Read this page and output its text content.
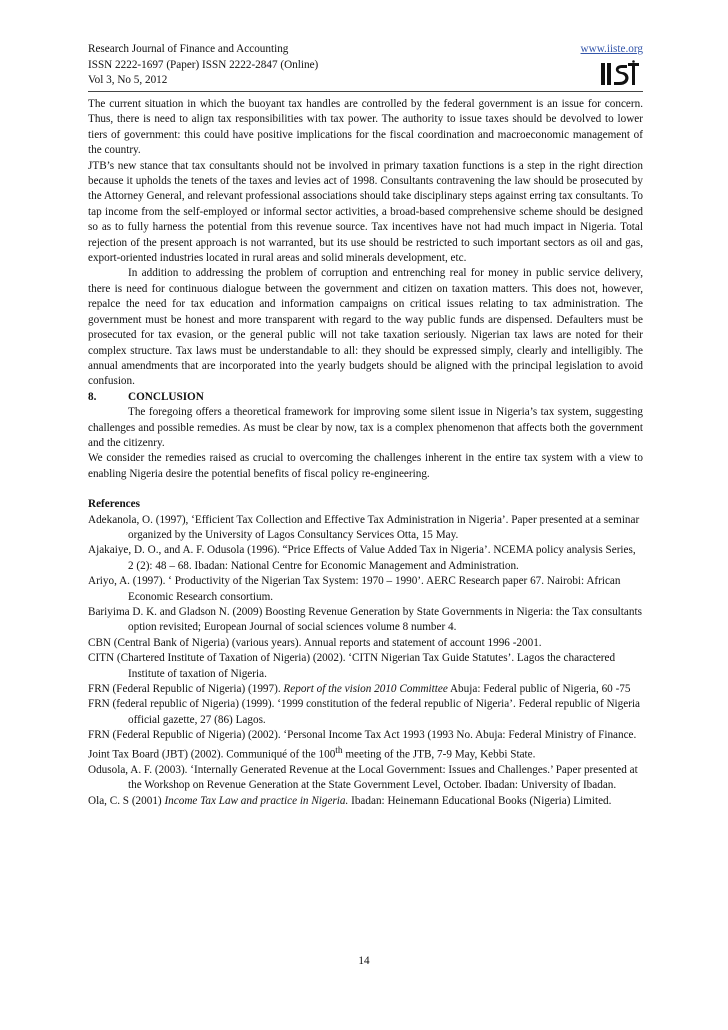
Research Journal of Finance and Accounting
ISSN 2222-1697 (Paper) ISSN 2222-2847 (Online)
Vol 3, No 5, 2012
www.iiste.org

The current situation in which the buoyant tax handles are controlled by the federal government is an issue for concern. Thus, there is need to align tax responsibilities with tax power. The authority to issue taxes should be devolved to lower tiers of government: this could have positive implications for the fiscal coordination and macroeconomic management of the country.

JTB’s new stance that tax consultants should not be involved in primary taxation functions is a step in the right direction because it upholds the tenets of the taxes and levies act of 1998. Consultants contravening the law should be prosecuted by the Attorney General, and relevant professional associations should take disciplinary steps against erring tax consultants. To tap income from the self-employed or informal sector activities, a broad-based comprehensive scheme should be designed so as to fully harness the potential from this revenue source. Tax incentives have not had much impact in Nigeria. Total rejection of the present approach is not warranted, but its use should be restricted to such important sectors as oil and gas, export-oriented industries located in rural areas and solid minerals development, etc.

In addition to addressing the problem of corruption and entrenching real for money in public service delivery, there is need for continuous dialogue between the government and citizen on taxation matters. This does not, however, repalce the need for tax education and information campaigns on critical issues relating to tax administration. The government must be honest and more transparent with regard to the way public funds are dispensed. Defaulters must be prosecuted for tax evasion, or the general public will not take taxation seriously. Nigerian tax laws are noted for their complex structure. Tax laws must be understandable to all: they should be expressed simply, clearly and intelligibly. The annual amendments that are incorporated into the yearly budgets should be aligned with the principal legislation to avoid confusion.

8.	CONCLUSION

The foregoing offers a theoretical framework for improving some silent issue in Nigeria’s tax system, suggesting challenges and possible remedies. As must be clear by now, tax is a complex phenomenon that affects both the government and the citizenry.

We consider the remedies raised as crucial to overcoming the challenges inherent in the entire tax system with a view to enabling Nigeria desire the potential benefits of fiscal policy re-engineering.

References

Adekanola, O. (1997), ‘Efficient Tax Collection and Effective Tax Administration in Nigeria’. Paper presented at a seminar organized by the University of Lagos Consultancy Services Otta, 15 May.

Ajakaiye, D. O., and A. F. Odusola (1996). “Price Effects of Value Added Tax in Nigeria’. NCEMA policy analysis Series, 2 (2): 48 – 68. Ibadan: National Centre for Economic Management and Administration.

Ariyo, A. (1997). ‘ Productivity of the Nigerian Tax System: 1970 – 1990’. AERC Research paper 67. Nairobi: African Economic Research consortium.

Bariyima D. K. and Gladson N. (2009) Boosting Revenue Generation by State Governments in Nigeria: the Tax consultants option revisited; European Journal of social sciences volume 8 number 4.

CBN (Central Bank of Nigeria) (various years). Annual reports and statement of account 1996 -2001.

CITN (Chartered Institute of Taxation of Nigeria) (2002). ‘CITN Nigerian Tax Guide Statutes’. Lagos the charactered Institute of taxation of Nigeria.

FRN (Federal Republic of Nigeria) (1997). Report of the vision 2010 Committee Abuja: Federal public of Nigeria, 60 -75

FRN (federal republic of Nigeria) (1999). ‘1999 constitution of the federal republic of Nigeria’. Federal republic of Nigeria official gazette, 27 (86) Lagos.

FRN (Federal Republic of Nigeria) (2002). ‘Personal Income Tax Act 1993 (1993 No. Abuja: Federal Ministry of Finance.

Joint Tax Board (JBT) (2002). Communiqué of the 100th meeting of the JTB, 7-9 May, Kebbi State.

Odusola, A. F. (2003). ‘Internally Generated Revenue at the Local Government: Issues and Challenges.’ Paper presented at the Workshop on Revenue Generation at the State Government Level, October. Ibadan: University of Ibadan.

Ola, C. S (2001) Income Tax Law and practice in Nigeria. Ibadan: Heinemann Educational Books (Nigeria) Limited.

14
